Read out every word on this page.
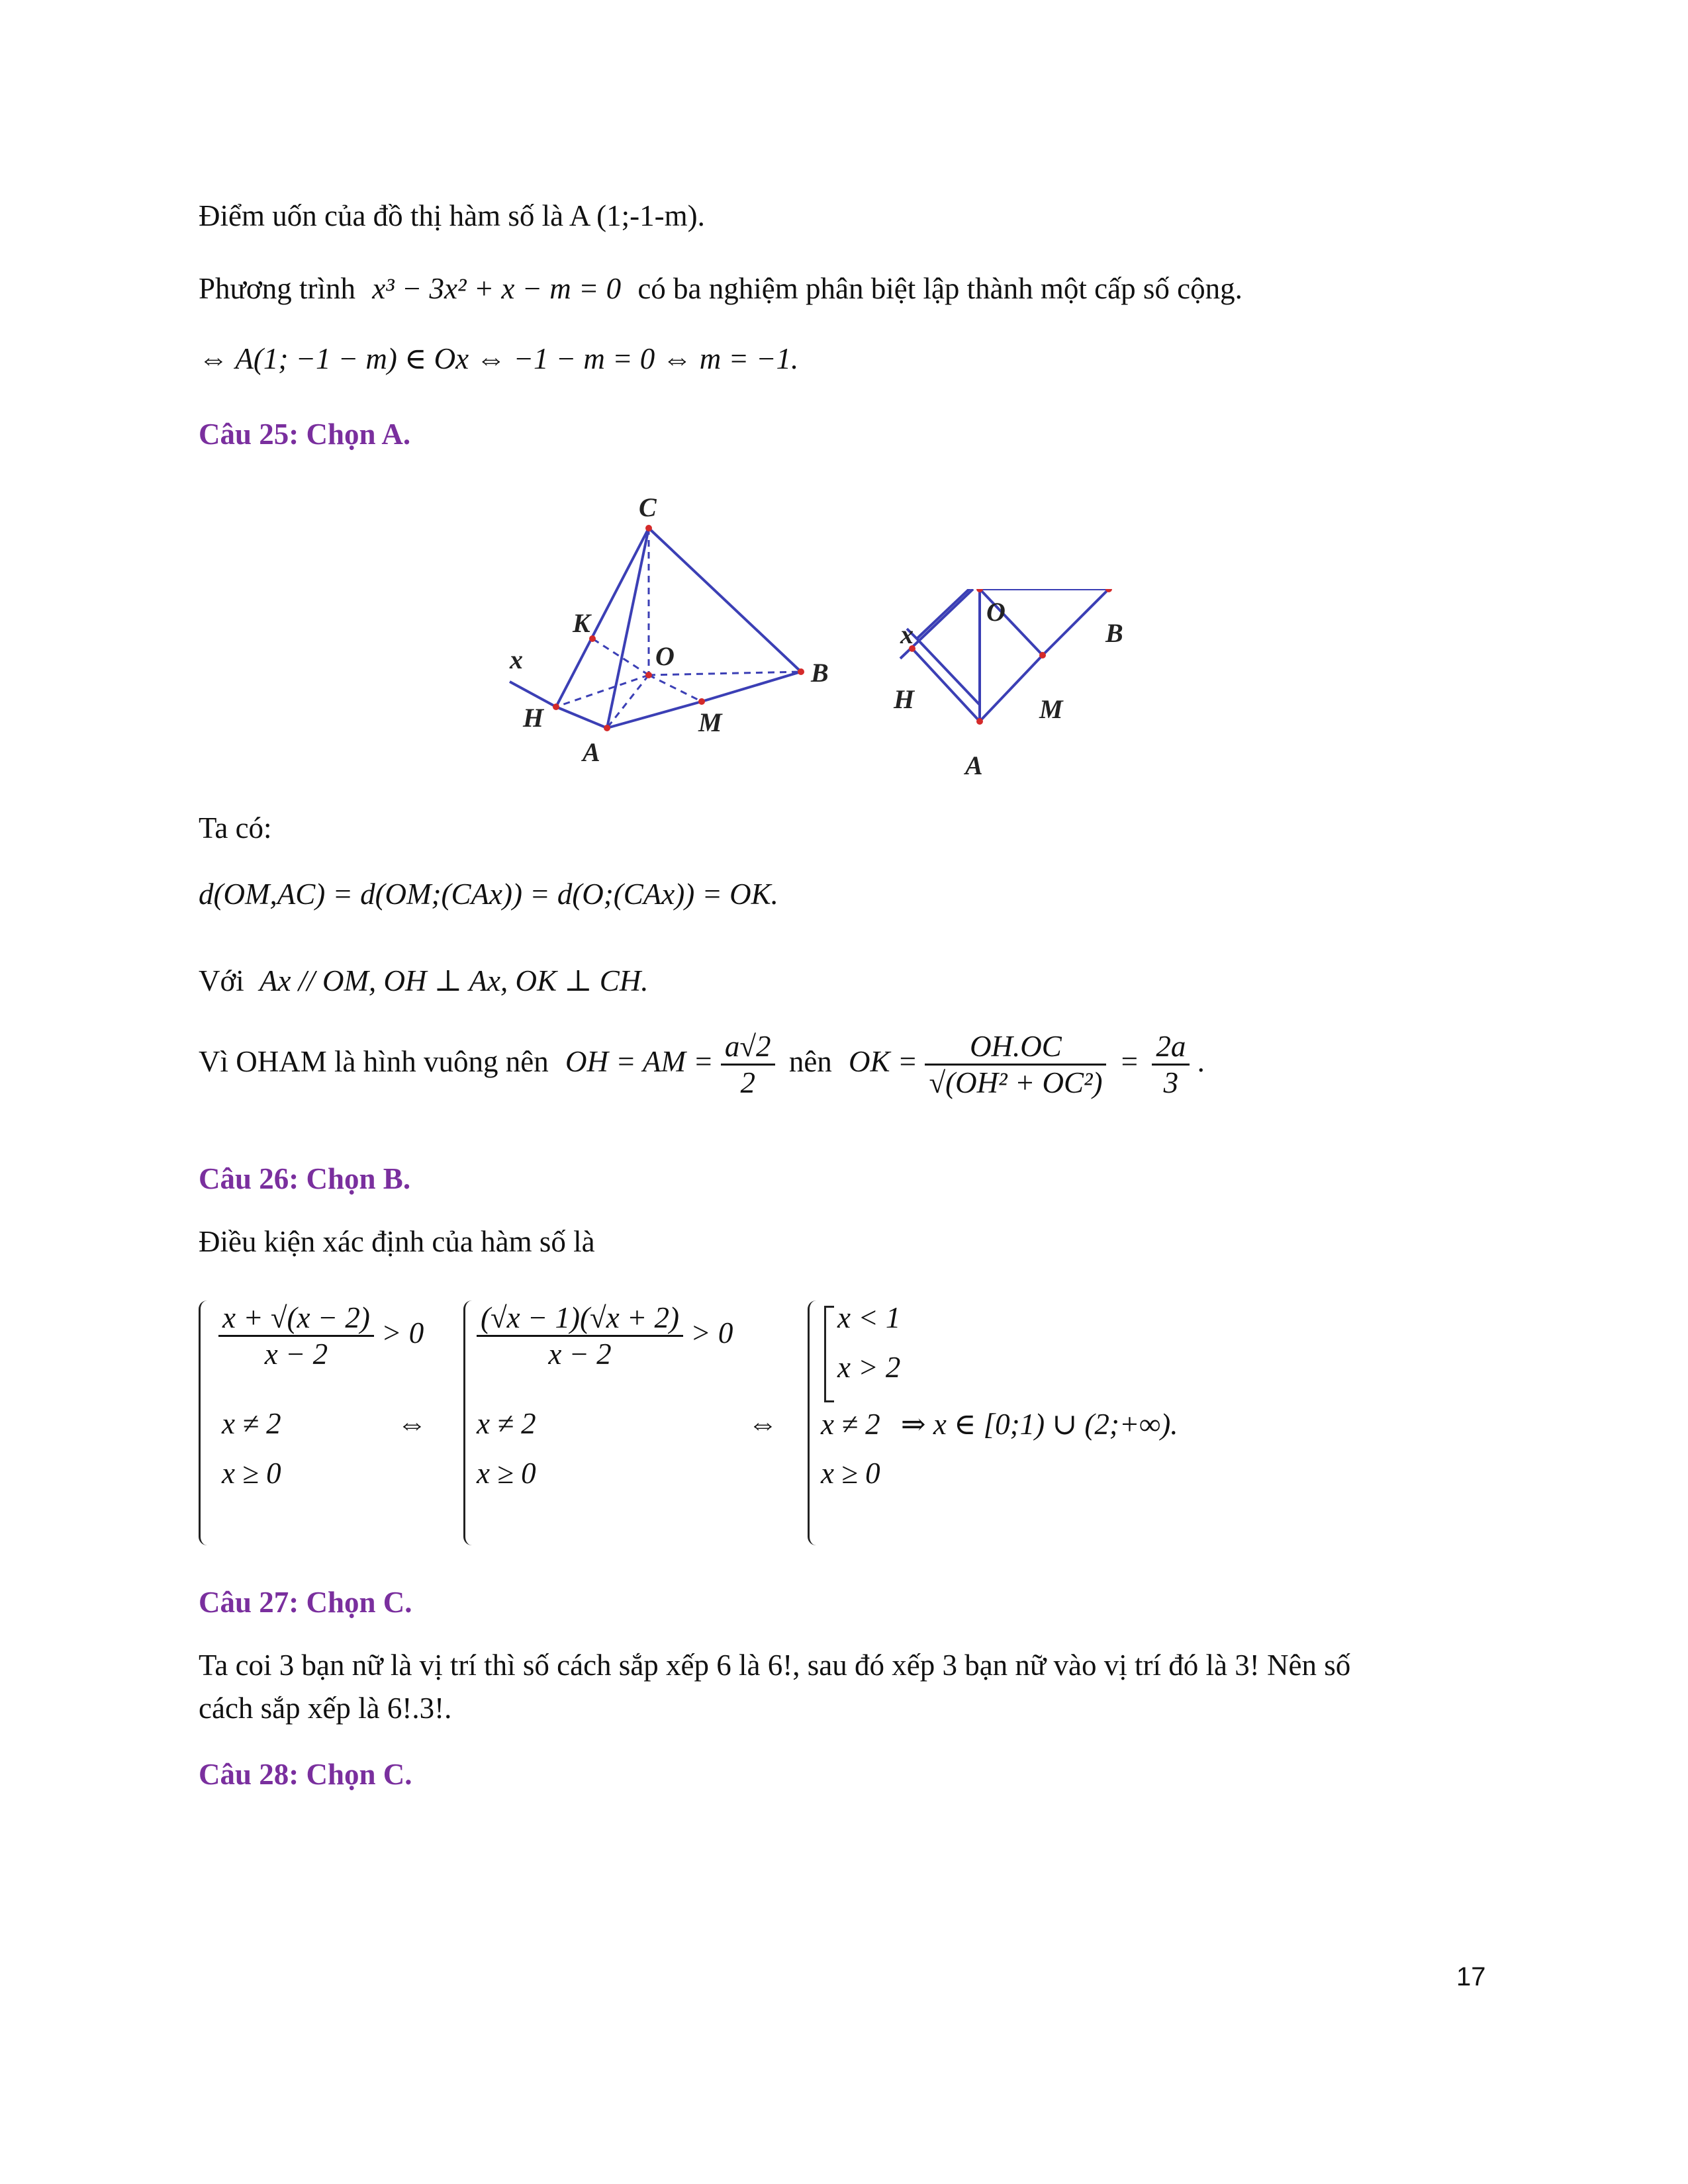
Điểm uốn của đồ thị hàm số là A (1;-1-m).
Phương trình x³ − 3x² + x − m = 0 có ba nghiệm phân biệt lập thành một cấp số cộng.
⇔ A(1; −1 − m) ∈ Ox ⇔ −1 − m = 0 ⇔ m = −1.
Câu 25: Chọn A.
C
K
O
B
x
H	M
A
O
B
x
H	M
A
Ta có:
d(OM,AC) = d(OM;(CAx)) = d(O;(CAx)) = OK.
Với Ax // OM, OH ⊥ Ax, OK ⊥ CH.
Vì OHAM là hình vuông nên OH = AM = $\frac{a√2}{2}$ nên OK = $\frac{OH.OC}{\text{√(OH² + OC²)}} = \frac{2a}{3}$ .
Câu 26: Chọn B.
Điều kiện xác định của hàm số là
$\frac{x + √(x - 2)}{x - 2} > 0$
x ≠ 2
x ≥ 0
⇔
$\frac{(√x - 1)(√x + 2)}{x - 2} > 0$
x ≠ 2
x ≥ 0
⇔
x < 1
x > 2
x ≠ 2 ⇒ x ∈ [0;1) ∪ (2;+∞).
x ≥ 0
Câu 27: Chọn C.
Ta coi 3 bạn nữ là vị trí thì số cách sắp xếp 6 là 6!, sau đó xếp 3 bạn nữ vào vị trí đó là 3! Nên số
cách sắp xếp là 6!.3!.
Câu 28: Chọn C.
17
